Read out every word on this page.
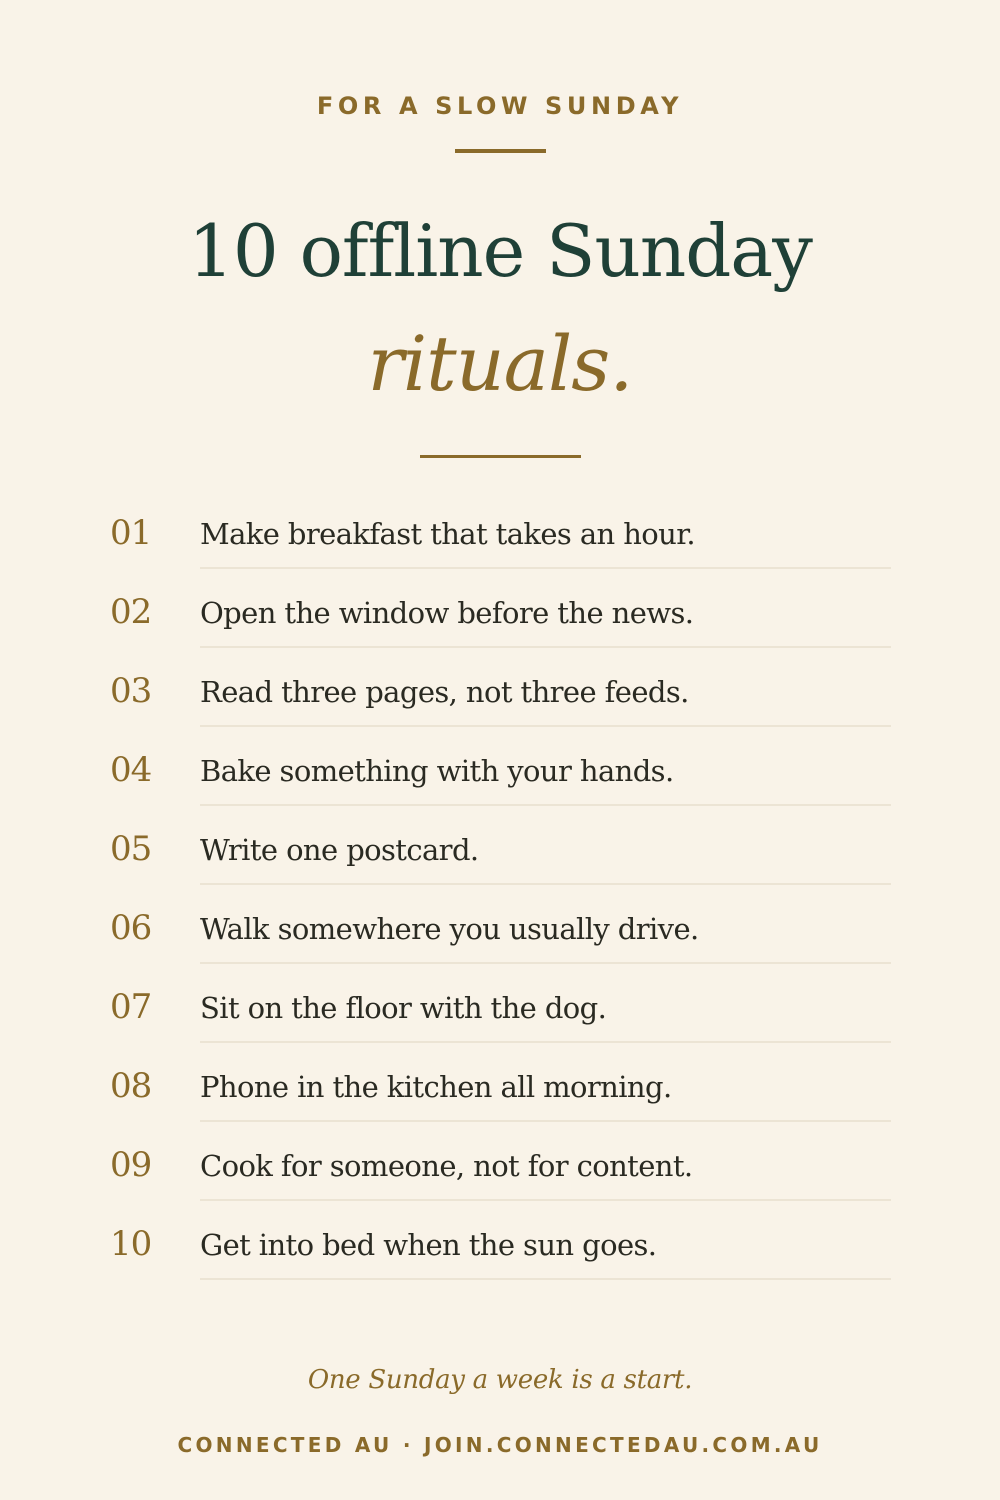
FOR A SLOW SUNDAY
10 offline Sunday
rituals.
01	Make breakfast that takes an hour.
02	Open the window before the news.
03	Read three pages, not three feeds.
04	Bake something with your hands.
05	Write one postcard.
06	Walk somewhere you usually drive.
07	Sit on the floor with the dog.
08	Phone in the kitchen all morning.
09	Cook for someone, not for content.
10	Get into bed when the sun goes.
One Sunday a week is a start.
CONNECTED AU · JOIN.CONNECTEDAU.COM.AU
